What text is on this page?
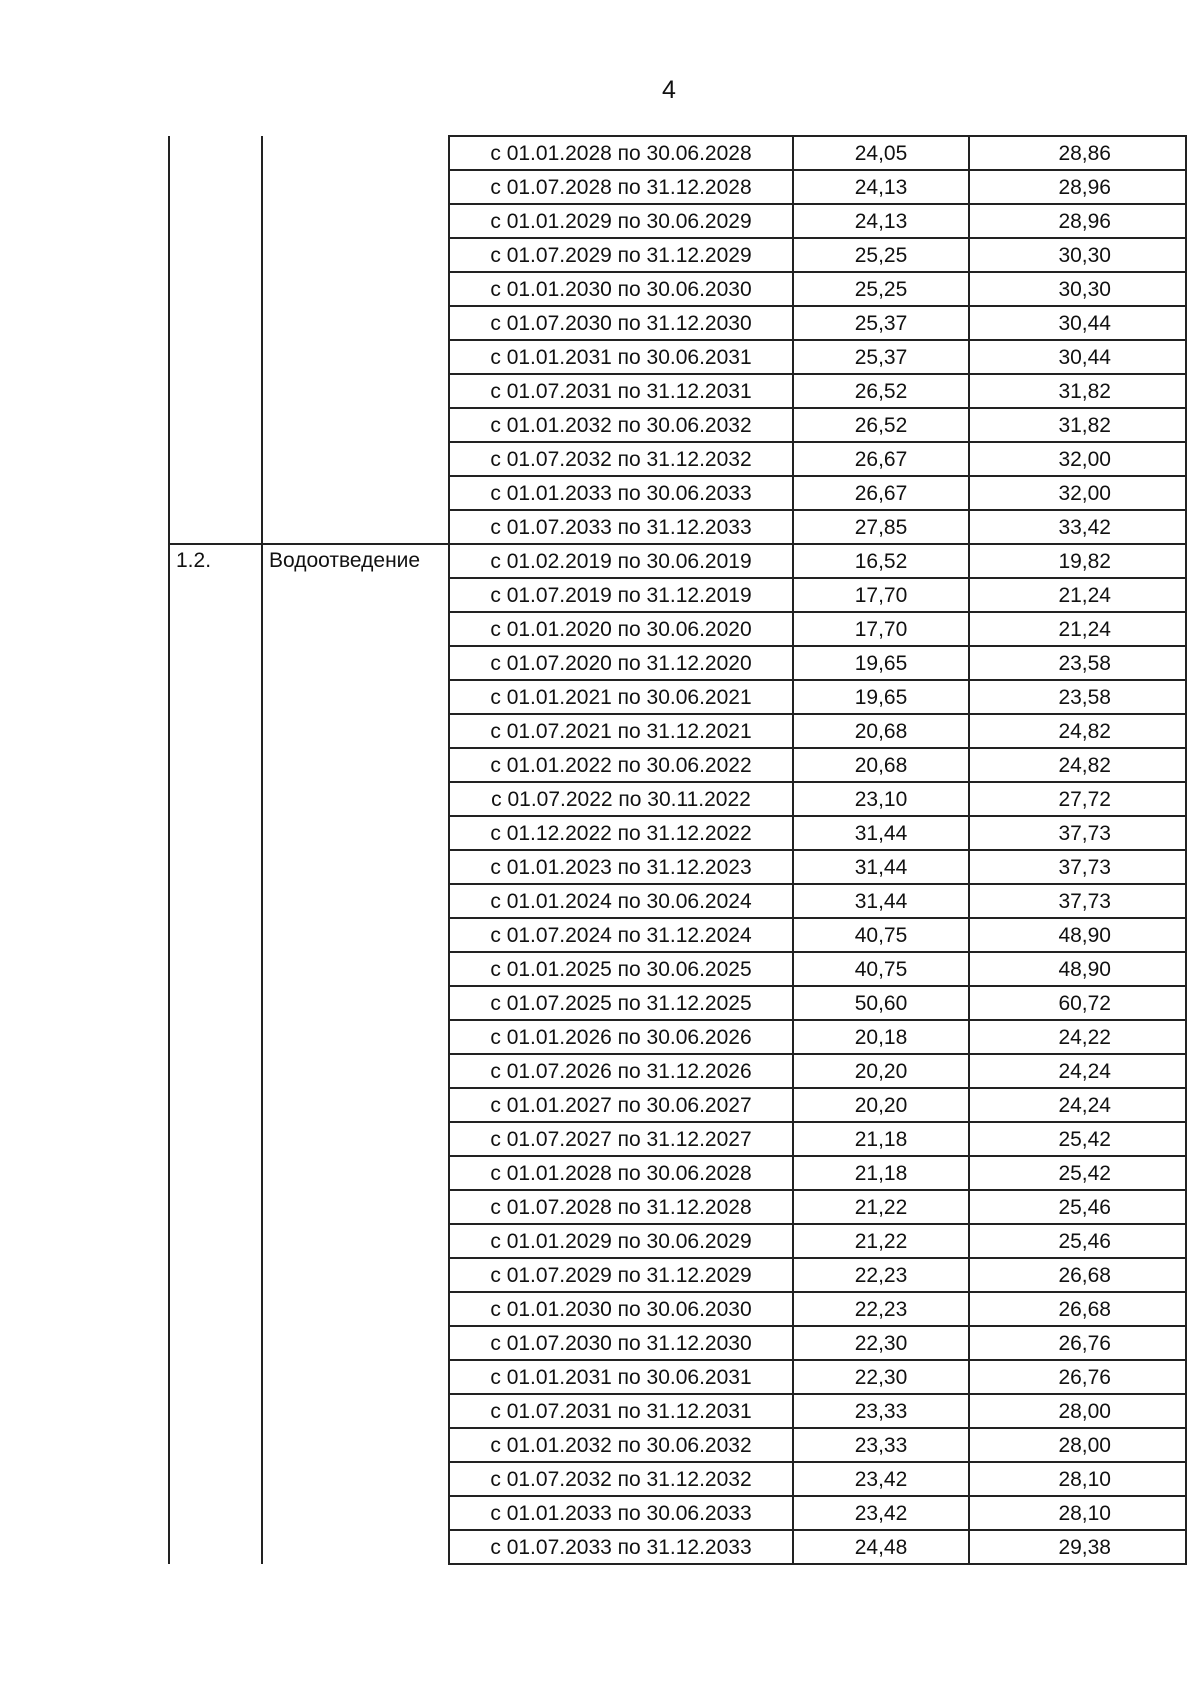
4
		с 01.01.2028 по 30.06.2028	24,05	28,86
		с 01.07.2028 по 31.12.2028	24,13	28,96
		с 01.01.2029 по 30.06.2029	24,13	28,96
		с 01.07.2029 по 31.12.2029	25,25	30,30
		с 01.01.2030 по 30.06.2030	25,25	30,30
		с 01.07.2030 по 31.12.2030	25,37	30,44
		с 01.01.2031 по 30.06.2031	25,37	30,44
		с 01.07.2031 по 31.12.2031	26,52	31,82
		с 01.01.2032 по 30.06.2032	26,52	31,82
		с 01.07.2032 по 31.12.2032	26,67	32,00
		с 01.01.2033 по 30.06.2033	26,67	32,00
		с 01.07.2033 по 31.12.2033	27,85	33,42
1.2.	Водоотведение	с 01.02.2019 по 30.06.2019	16,52	19,82
		с 01.07.2019 по 31.12.2019	17,70	21,24
		с 01.01.2020 по 30.06.2020	17,70	21,24
		с 01.07.2020 по 31.12.2020	19,65	23,58
		с 01.01.2021 по 30.06.2021	19,65	23,58
		с 01.07.2021 по 31.12.2021	20,68	24,82
		с 01.01.2022 по 30.06.2022	20,68	24,82
		с 01.07.2022 по 30.11.2022	23,10	27,72
		с 01.12.2022 по 31.12.2022	31,44	37,73
		с 01.01.2023 по 31.12.2023	31,44	37,73
		с 01.01.2024 по 30.06.2024	31,44	37,73
		с 01.07.2024 по 31.12.2024	40,75	48,90
		с 01.01.2025 по 30.06.2025	40,75	48,90
		с 01.07.2025 по 31.12.2025	50,60	60,72
		с 01.01.2026 по 30.06.2026	20,18	24,22
		с 01.07.2026 по 31.12.2026	20,20	24,24
		с 01.01.2027 по 30.06.2027	20,20	24,24
		с 01.07.2027 по 31.12.2027	21,18	25,42
		с 01.01.2028 по 30.06.2028	21,18	25,42
		с 01.07.2028 по 31.12.2028	21,22	25,46
		с 01.01.2029 по 30.06.2029	21,22	25,46
		с 01.07.2029 по 31.12.2029	22,23	26,68
		с 01.01.2030 по 30.06.2030	22,23	26,68
		с 01.07.2030 по 31.12.2030	22,30	26,76
		с 01.01.2031 по 30.06.2031	22,30	26,76
		с 01.07.2031 по 31.12.2031	23,33	28,00
		с 01.01.2032 по 30.06.2032	23,33	28,00
		с 01.07.2032 по 31.12.2032	23,42	28,10
		с 01.01.2033 по 30.06.2033	23,42	28,10
		с 01.07.2033 по 31.12.2033	24,48	29,38
